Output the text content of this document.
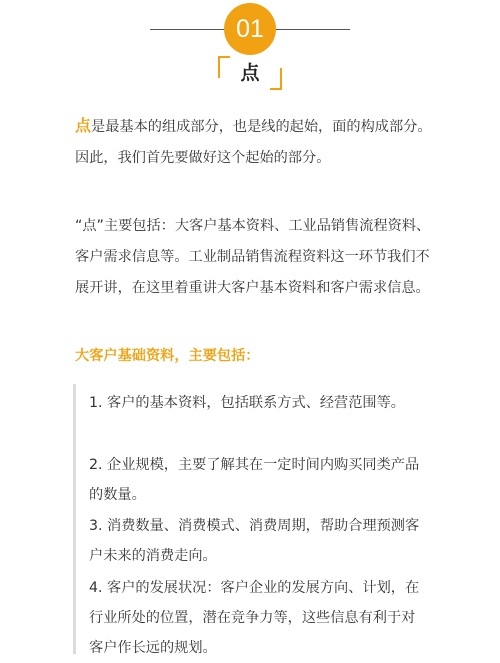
01
点

点是最基本的组成部分，也是线的起始，面的构成部分。因此，我们首先要做好这个起始的部分。

“点”主要包括：大客户基本资料、工业品销售流程资料、客户需求信息等。工业制品销售流程资料这一环节我们不展开讲，在这里着重讲大客户基本资料和客户需求信息。

大客户基础资料，主要包括：

1. 客户的基本资料，包括联系方式、经营范围等。

2. 企业规模，主要了解其在一定时间内购买同类产品的数量。

3. 消费数量、消费模式、消费周期，帮助合理预测客户未来的消费走向。

4. 客户的发展状况：客户企业的发展方向、计划，在行业所处的位置，潜在竞争力等，这些信息有利于对客户作长远的规划。
